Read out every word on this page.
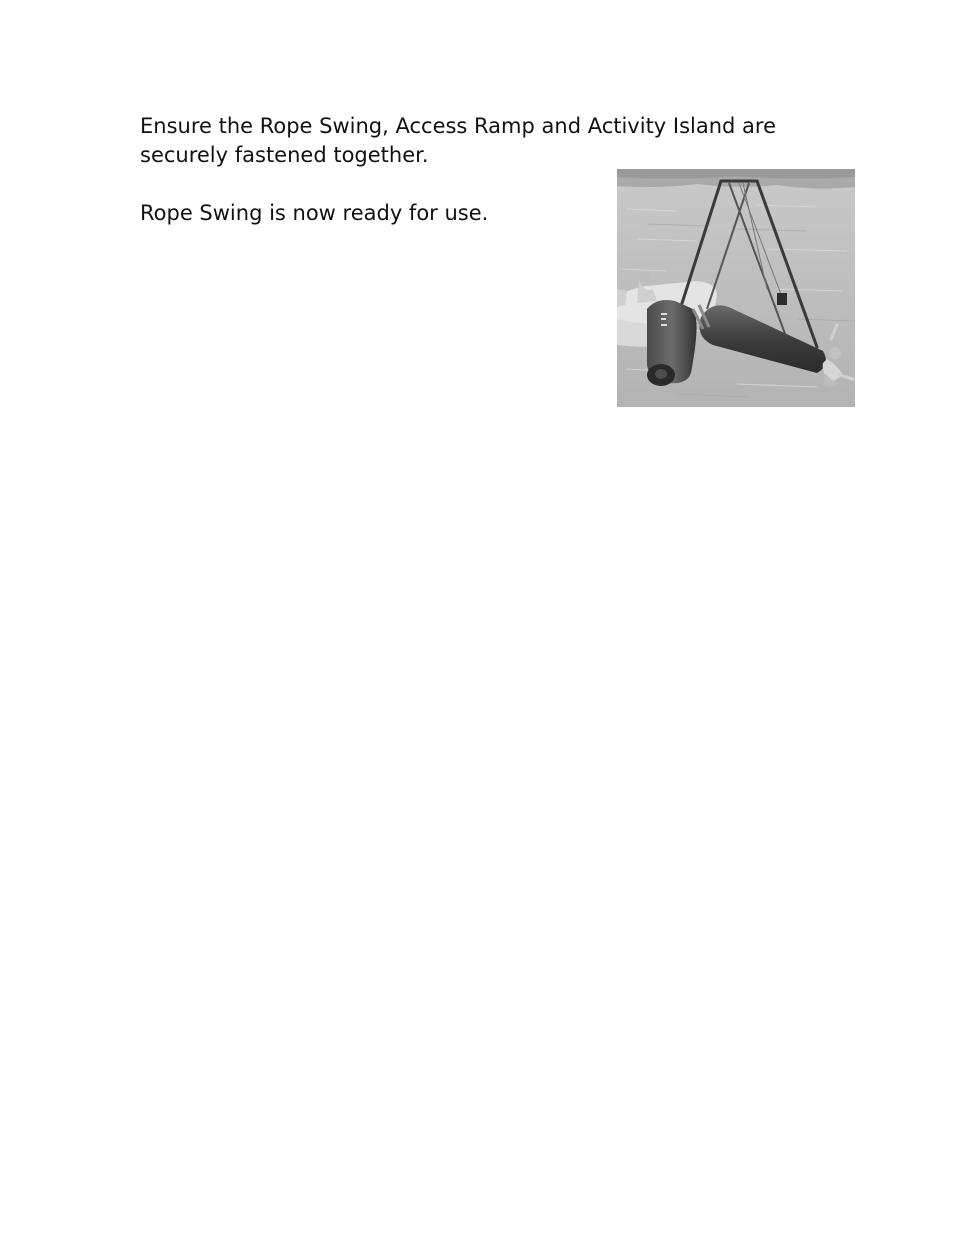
Ensure the Rope Swing, Access Ramp and Activity Island are securely fastened together.

Rope Swing is now ready for use.
